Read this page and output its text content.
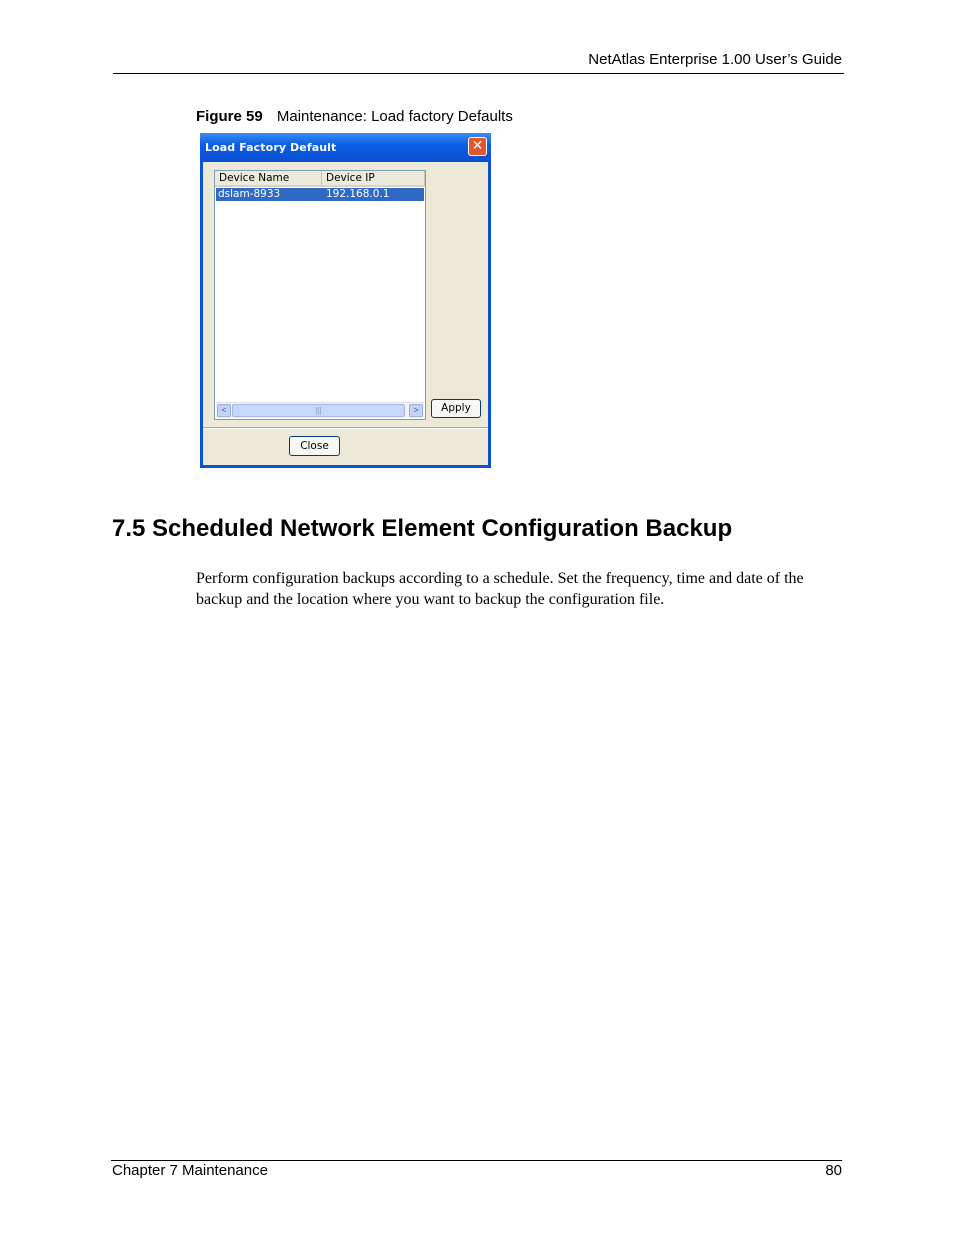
NetAtlas Enterprise 1.00 User’s Guide
Figure 59 Maintenance: Load factory Defaults
Load Factory Default	✕
Device Name	Device IP
dslam-8933	192.168.0.1
<	|||	>	Apply
Close
7.5 Scheduled Network Element Configuration Backup
Perform configuration backups according to a schedule. Set the frequency, time and date of the backup and the location where you want to backup the configuration file.
Chapter 7 Maintenance	80
